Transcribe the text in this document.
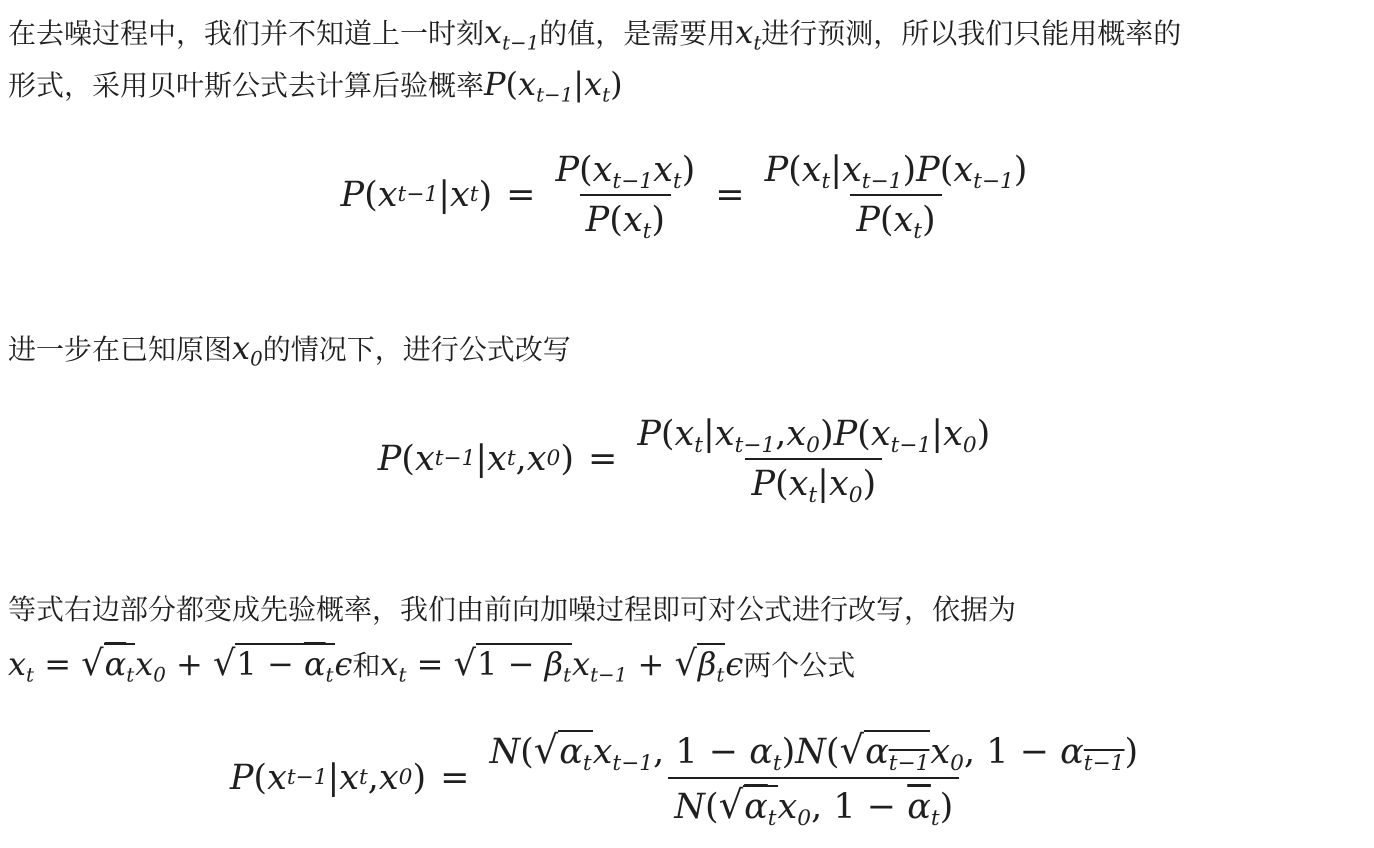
在去噪过程中，我们并不知道上一时刻$x_{t-1}$的值，是需要用$x_t$进行预测，所以我们只能用概率的
形式，采用贝叶斯公式去计算后验概率$P(x_{t-1}|x_t)$
P ( x t−1 | x t ) = $\frac{P(x_{t-1}x_t)}{P(x_t)} = \frac{P(x_t|x_{t-1})P(x_{t-1})}{P(x_t)}$
进一步在已知原图$x_0$的情况下，进行公式改写
P ( x t−1 | x t , x 0 ) = $\frac{P(x_t|x_{t-1},x_0)P(x_{t-1}|x_0)}{P(x_t|x_0)}$
等式右边部分都变成先验概率，我们由前向加噪过程即可对公式进行改写，依据为
$x_t = √\alpha_tx_0 + √1 - \overline{\alpha}_t\epsilon$和$x_t = √1 - \beta_tx_{t-1} + √\beta_t\epsilon$两个公式
P ( x t−1 | x t , x 0 ) = $\frac{N(√\alpha_tx_{t-1}, 1 - \alpha_t)N(√\alpha_{t-1}x_0, 1 - \alpha_{t-1})}{N(√\alpha_tx_0, 1 - \overline{\alpha}_t)}$
